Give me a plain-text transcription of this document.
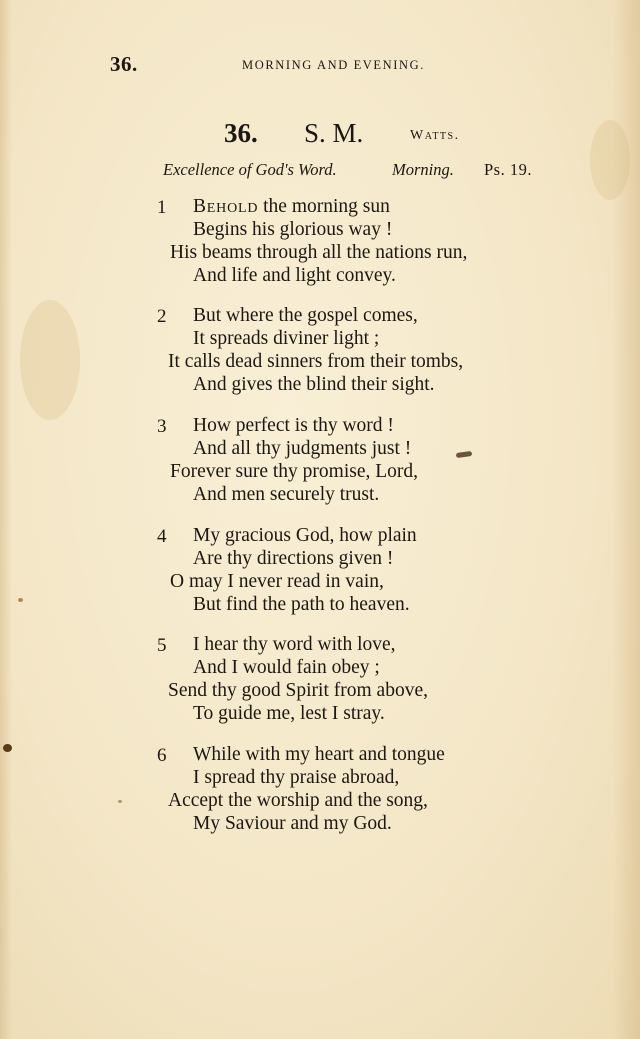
36.	MORNING AND EVENING.
36. S. M.	Watts.
Excellence of God's Word.	Morning. Ps. 19.
1 Behold the morning sun
Begins his glorious way !
His beams through all the nations run,
And life and light convey.
2 But where the gospel comes,
It spreads diviner light ;
It calls dead sinners from their tombs,
And gives the blind their sight.
3 How perfect is thy word !
And all thy judgments just !
Forever sure thy promise, Lord,
And men securely trust.
4 My gracious God, how plain
Are thy directions given !
O may I never read in vain,
But find the path to heaven.
5 I hear thy word with love,
And I would fain obey ;
Send thy good Spirit from above,
To guide me, lest I stray.
6 While with my heart and tongue
I spread thy praise abroad,
Accept the worship and the song,
My Saviour and my God.
